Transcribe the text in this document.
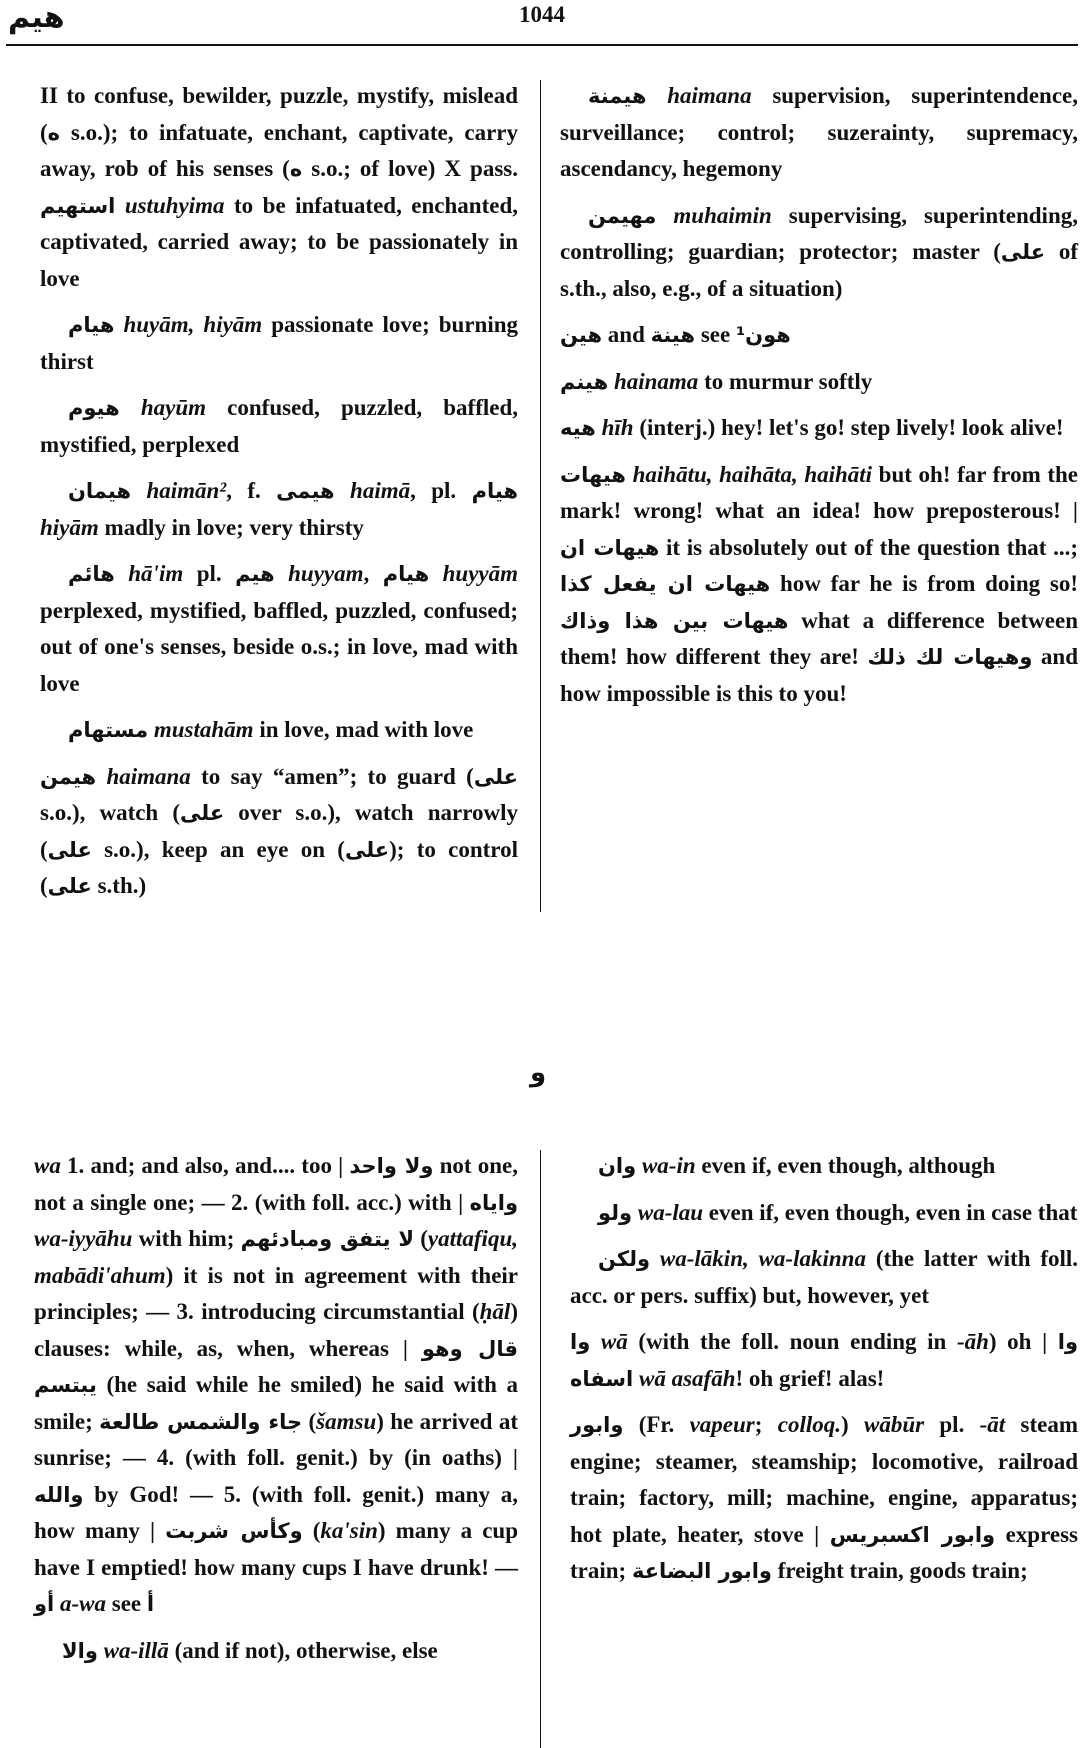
هيم	1044

II to confuse, bewilder, puzzle, mystify, mislead (ه s.o.); to infatuate, enchant, captivate, carry away, rob of his senses (ه s.o.; of love) X pass. استهيم ustuhyima to be infatuated, enchanted, captivated, carried away; to be passionately in love

هيام huyām, hiyām passionate love; burning thirst

هيوم hayūm confused, puzzled, baffled, mystified, perplexed

هيمان haimān², f. هيمى haimā, pl. هيام hiyām madly in love; very thirsty

هائم hā'im pl. هيم huyyam, هيام huyyām perplexed, mystified, baffled, puzzled, confused; out of one's senses, beside o.s.; in love, mad with love

مستهام mustahām in love, mad with love

هيمن haimana to say “amen”; to guard (على s.o.), watch (على over s.o.), watch narrowly (على s.o.), keep an eye on (على); to control (على s.th.)

هيمنة haimana supervision, superintendence, surveillance; control; suzerainty, supremacy, ascendancy, hegemony

مهيمن muhaimin supervising, superintending, controlling; guardian; protector; master (على of s.th., also, e.g., of a situation)

هين and هينة see هون¹

هينم hainama to murmur softly

هيه hīh (interj.) hey! let's go! step lively! look alive!

هيهات haihātu, haihāta, haihāti but oh! far from the mark! wrong! what an idea! how preposterous! | هيهات ان it is absolutely out of the question that ...; هيهات ان يفعل كذا how far he is from doing so! هيهات بين هذا وذاك what a difference between them! how different they are! وهيهات لك ذلك and how impossible is this to you!

و

wa 1. and; and also, and.... too | ولا واحد not one, not a single one; — 2. (with foll. acc.) with | واياه wa-iyyāhu with him; لا يتفق ومبادئهم (yattafiqu, mabādi'ahum) it is not in agreement with their principles; — 3. introducing circumstantial (ḥāl) clauses: while, as, when, whereas | قال وهو يبتسم (he said while he smiled) he said with a smile; جاء والشمس طالعة (šamsu) he arrived at sunrise; — 4. (with foll. genit.) by (in oaths) | والله by God! — 5. (with foll. genit.) many a, how many | وكأس شربت (ka'sin) many a cup have I emptied! how many cups I have drunk! — أو a-wa see أ

والا wa-illā (and if not), otherwise, else

وان wa-in even if, even though, although

ولو wa-lau even if, even though, even in case that

ولكن wa-lākin, wa-lakinna (the latter with foll. acc. or pers. suffix) but, however, yet

وا wā (with the foll. noun ending in -āh) oh | وا اسفاه wā asafāh! oh grief! alas!

وابور (Fr. vapeur; colloq.) wābūr pl. -āt steam engine; steamer, steamship; locomotive, railroad train; factory, mill; machine, engine, apparatus; hot plate, heater, stove | وابور اكسبريس express train; وابور البضاعة freight train, goods train;
